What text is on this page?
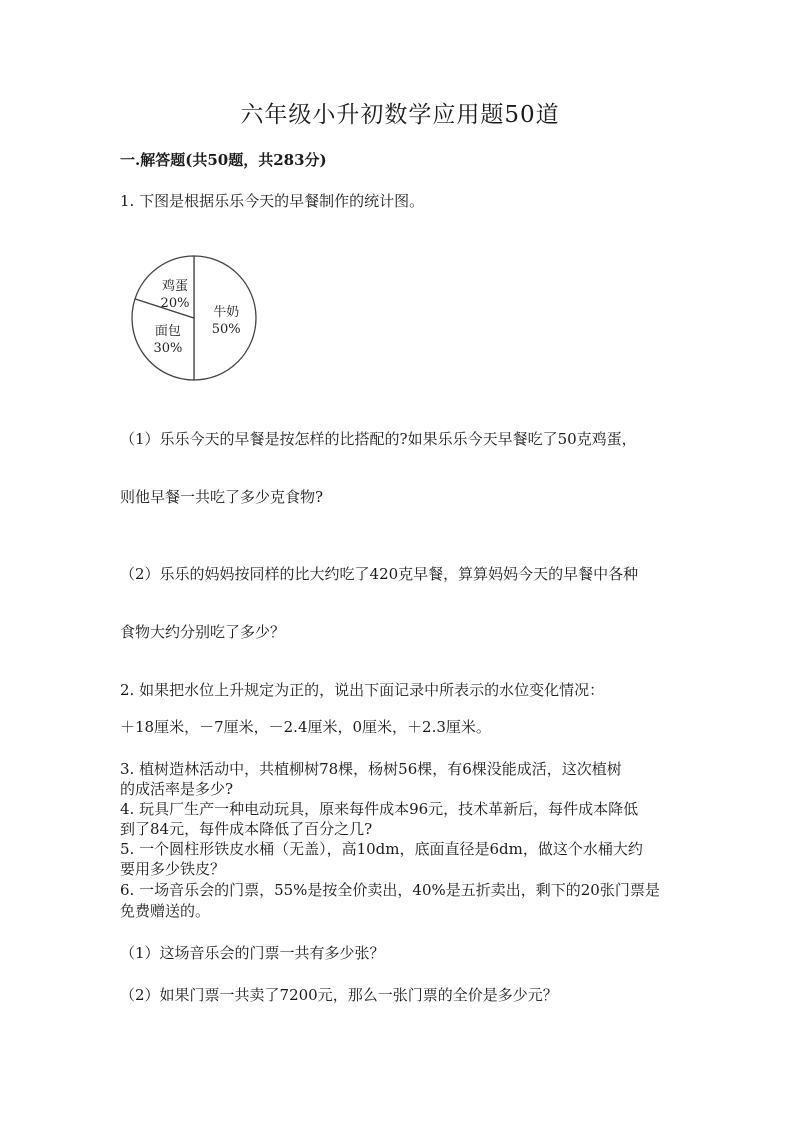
六年级小升初数学应用题50道
一.解答题(共50题，共283分)
1. 下图是根据乐乐今天的早餐制作的统计图。
牛奶
50%
面包
30%
鸡蛋
20%
（1）乐乐今天的早餐是按怎样的比搭配的?如果乐乐今天早餐吃了50克鸡蛋，
则他早餐一共吃了多少克食物?
（2）乐乐的妈妈按同样的比大约吃了420克早餐，算算妈妈今天的早餐中各种
食物大约分别吃了多少？
2. 如果把水位上升规定为正的，说出下面记录中所表示的水位变化情况：
＋18厘米，－7厘米，－2.4厘米，0厘米，＋2.3厘米。
3. 植树造林活动中，共植柳树78棵，杨树56棵，有6棵没能成活，这次植树
的成活率是多少?
4. 玩具厂生产一种电动玩具，原来每件成本96元，技术革新后，每件成本降低
到了84元，每件成本降低了百分之几?
5. 一个圆柱形铁皮水桶（无盖），高10dm，底面直径是6dm，做这个水桶大约
要用多少铁皮？
6. 一场音乐会的门票，55%是按全价卖出，40%是五折卖出，剩下的20张门票是
免费赠送的。
（1）这场音乐会的门票一共有多少张？
（2）如果门票一共卖了7200元，那么一张门票的全价是多少元？
